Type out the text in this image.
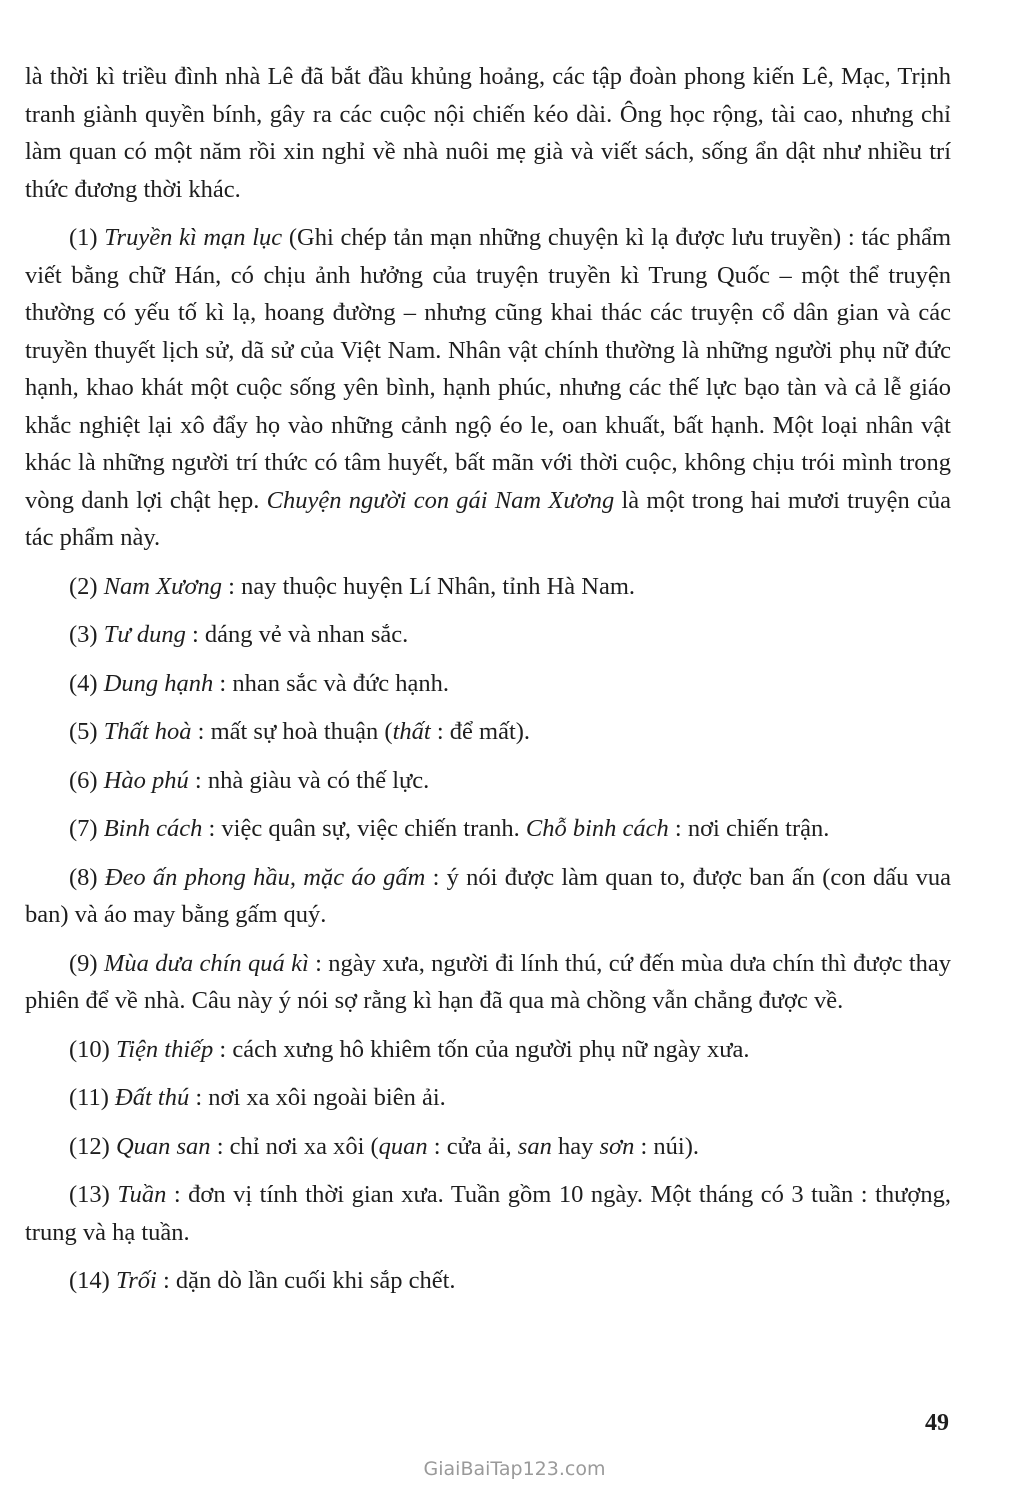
là thời kì triều đình nhà Lê đã bắt đầu khủng hoảng, các tập đoàn phong kiến Lê, Mạc, Trịnh tranh giành quyền bính, gây ra các cuộc nội chiến kéo dài. Ông học rộng, tài cao, nhưng chỉ làm quan có một năm rồi xin nghỉ về nhà nuôi mẹ già và viết sách, sống ẩn dật như nhiều trí thức đương thời khác.

(1) Truyền kì mạn lục (Ghi chép tản mạn những chuyện kì lạ được lưu truyền) : tác phẩm viết bằng chữ Hán, có chịu ảnh hưởng của truyện truyền kì Trung Quốc – một thể truyện thường có yếu tố kì lạ, hoang đường – nhưng cũng khai thác các truyện cổ dân gian và các truyền thuyết lịch sử, dã sử của Việt Nam. Nhân vật chính thường là những người phụ nữ đức hạnh, khao khát một cuộc sống yên bình, hạnh phúc, nhưng các thế lực bạo tàn và cả lễ giáo khắc nghiệt lại xô đẩy họ vào những cảnh ngộ éo le, oan khuất, bất hạnh. Một loại nhân vật khác là những người trí thức có tâm huyết, bất mãn với thời cuộc, không chịu trói mình trong vòng danh lợi chật hẹp. Chuyện người con gái Nam Xương là một trong hai mươi truyện của tác phẩm này.

(2) Nam Xương : nay thuộc huyện Lí Nhân, tỉnh Hà Nam.

(3) Tư dung : dáng vẻ và nhan sắc.

(4) Dung hạnh : nhan sắc và đức hạnh.

(5) Thất hoà : mất sự hoà thuận (thất : để mất).

(6) Hào phú : nhà giàu và có thế lực.

(7) Binh cách : việc quân sự, việc chiến tranh. Chỗ binh cách : nơi chiến trận.

(8) Đeo ấn phong hầu, mặc áo gấm : ý nói được làm quan to, được ban ấn (con dấu vua ban) và áo may bằng gấm quý.

(9) Mùa dưa chín quá kì : ngày xưa, người đi lính thú, cứ đến mùa dưa chín thì được thay phiên để về nhà. Câu này ý nói sợ rằng kì hạn đã qua mà chồng vẫn chẳng được về.

(10) Tiện thiếp : cách xưng hô khiêm tốn của người phụ nữ ngày xưa.

(11) Đất thú : nơi xa xôi ngoài biên ải.

(12) Quan san : chỉ nơi xa xôi (quan : cửa ải, san hay sơn : núi).

(13) Tuần : đơn vị tính thời gian xưa. Tuần gồm 10 ngày. Một tháng có 3 tuần : thượng, trung và hạ tuần.

(14) Trối : dặn dò lần cuối khi sắp chết.

49
GiaiBaiTap123.com
